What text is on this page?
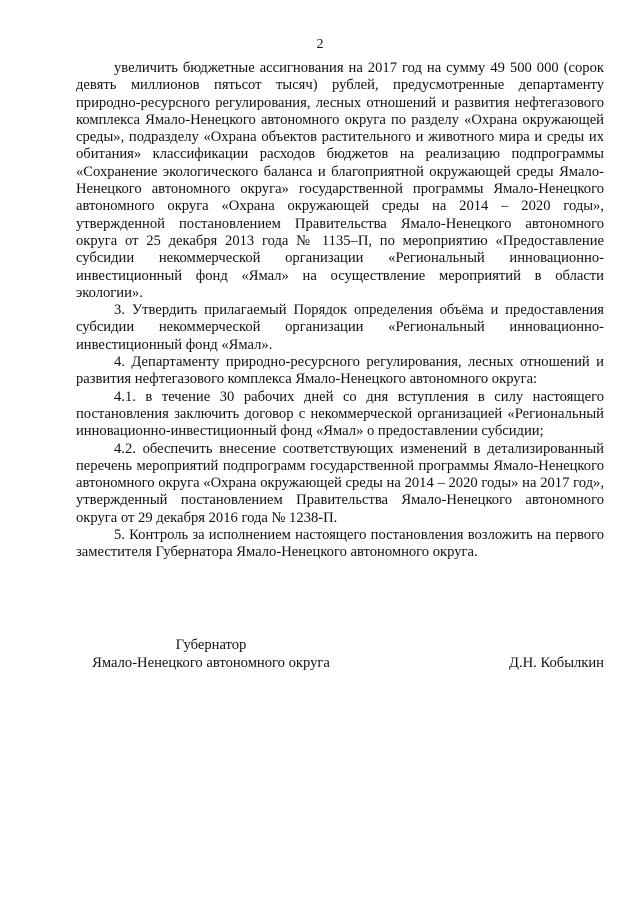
2

увеличить бюджетные ассигнования на 2017 год на сумму 49 500 000 (сорок девять миллионов пятьсот тысяч) рублей, предусмотренные департаменту природно-ресурсного регулирования, лесных отношений и развития нефтегазового комплекса Ямало-Ненецкого автономного округа по разделу «Охрана окружающей среды», подразделу «Охрана объектов растительного и животного мира и среды их обитания» классификации расходов бюджетов на реализацию подпрограммы «Сохранение экологического баланса и благоприятной окружающей среды Ямало-Ненецкого автономного округа» государственной программы Ямало-Ненецкого автономного округа «Охрана окружающей среды на 2014 – 2020 годы», утвержденной постановлением Правительства Ямало-Ненецкого автономного округа от 25 декабря 2013 года № 1135–П, по мероприятию «Предоставление субсидии некоммерческой организации «Региональный инновационно-инвестиционный фонд «Ямал» на осуществление мероприятий в области экологии».

3. Утвердить прилагаемый Порядок определения объёма и предоставления субсидии некоммерческой организации «Региональный инновационно-инвестиционный фонд «Ямал».

4. Департаменту природно-ресурсного регулирования, лесных отношений и развития нефтегазового комплекса Ямало-Ненецкого автономного округа:

4.1. в течение 30 рабочих дней со дня вступления в силу настоящего постановления заключить договор с некоммерческой организацией «Региональный инновационно-инвестиционный фонд «Ямал» о предоставлении субсидии;

4.2. обеспечить внесение соответствующих изменений в детализированный перечень мероприятий подпрограмм государственной программы Ямало-Ненецкого автономного округа «Охрана окружающей среды на 2014 – 2020 годы» на 2017 год», утвержденный постановлением Правительства Ямало-Ненецкого автономного округа от 29 декабря 2016 года № 1238-П.

5. Контроль за исполнением настоящего постановления возложить на первого заместителя Губернатора Ямало-Ненецкого автономного округа.

Губернатор
Ямало-Ненецкого автономного округа	Д.Н. Кобылкин
